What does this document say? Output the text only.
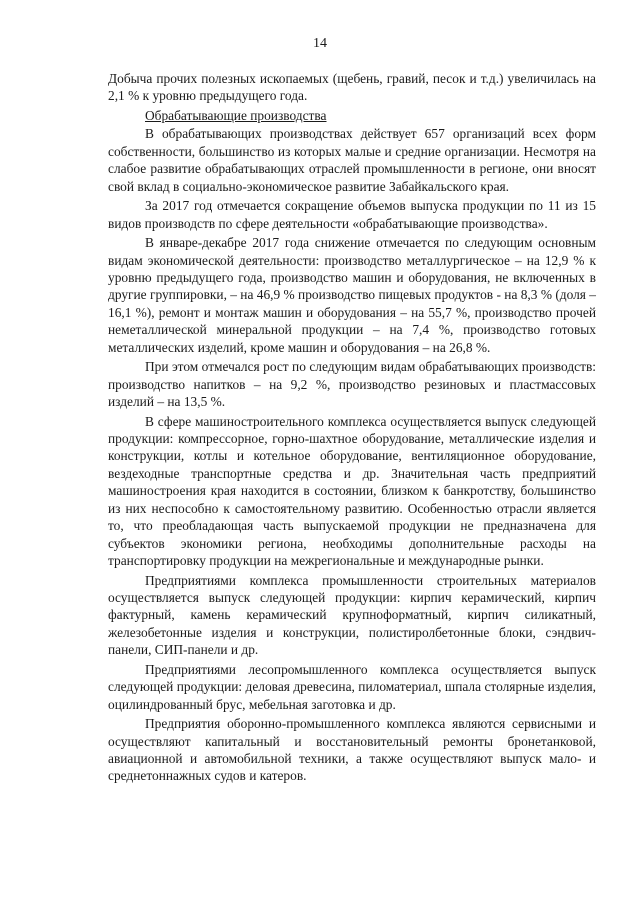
14

Добыча прочих полезных ископаемых (щебень, гравий, песок и т.д.) увеличилась на 2,1 % к уровню предыдущего года.

Обрабатывающие производства

В обрабатывающих производствах действует 657 организаций всех форм собственности, большинство из которых малые и средние организации. Несмотря на слабое развитие обрабатывающих отраслей промышленности в регионе, они вносят свой вклад в социально-экономическое развитие Забайкальского края.

За 2017 год отмечается сокращение объемов выпуска продукции по 11 из 15 видов производств по сфере деятельности «обрабатывающие производства».

В январе-декабре 2017 года снижение отмечается по следующим основным видам экономической деятельности: производство металлургическое – на 12,9 % к уровню предыдущего года, производство машин и оборудования, не включенных в другие группировки, – на 46,9 % производство пищевых продуктов - на 8,3 % (доля – 16,1 %), ремонт и монтаж машин и оборудования – на 55,7 %, производство прочей неметаллической минеральной продукции – на 7,4 %, производство готовых металлических изделий, кроме машин и оборудования – на 26,8 %.

При этом отмечался рост по следующим видам обрабатывающих производств: производство напитков – на 9,2 %, производство резиновых и пластмассовых изделий – на 13,5 %.

В сфере машиностроительного комплекса осуществляется выпуск следующей продукции: компрессорное, горно-шахтное оборудование, металлические изделия и конструкции, котлы и котельное оборудование, вентиляционное оборудование, вездеходные транспортные средства и др. Значительная часть предприятий машиностроения края находится в состоянии, близком к банкротству, большинство из них неспособно к самостоятельному развитию. Особенностью отрасли является то, что преобладающая часть выпускаемой продукции не предназначена для субъектов экономики региона, необходимы дополнительные расходы на транспортировку продукции на межрегиональные и международные рынки.

Предприятиями комплекса промышленности строительных материалов осуществляется выпуск следующей продукции: кирпич керамический, кирпич фактурный, камень керамический крупноформатный, кирпич силикатный, железобетонные изделия и конструкции, полистиролбетонные блоки, сэндвич-панели, СИП-панели и др.

Предприятиями лесопромышленного комплекса осуществляется выпуск следующей продукции: деловая древесина, пиломатериал, шпала столярные изделия, оцилиндрованный брус, мебельная заготовка и др.

Предприятия оборонно-промышленного комплекса являются сервисными и осуществляют капитальный и восстановительный ремонты бронетанковой, авиационной и автомобильной техники, а также осуществляют выпуск мало- и среднетоннажных судов и катеров.
